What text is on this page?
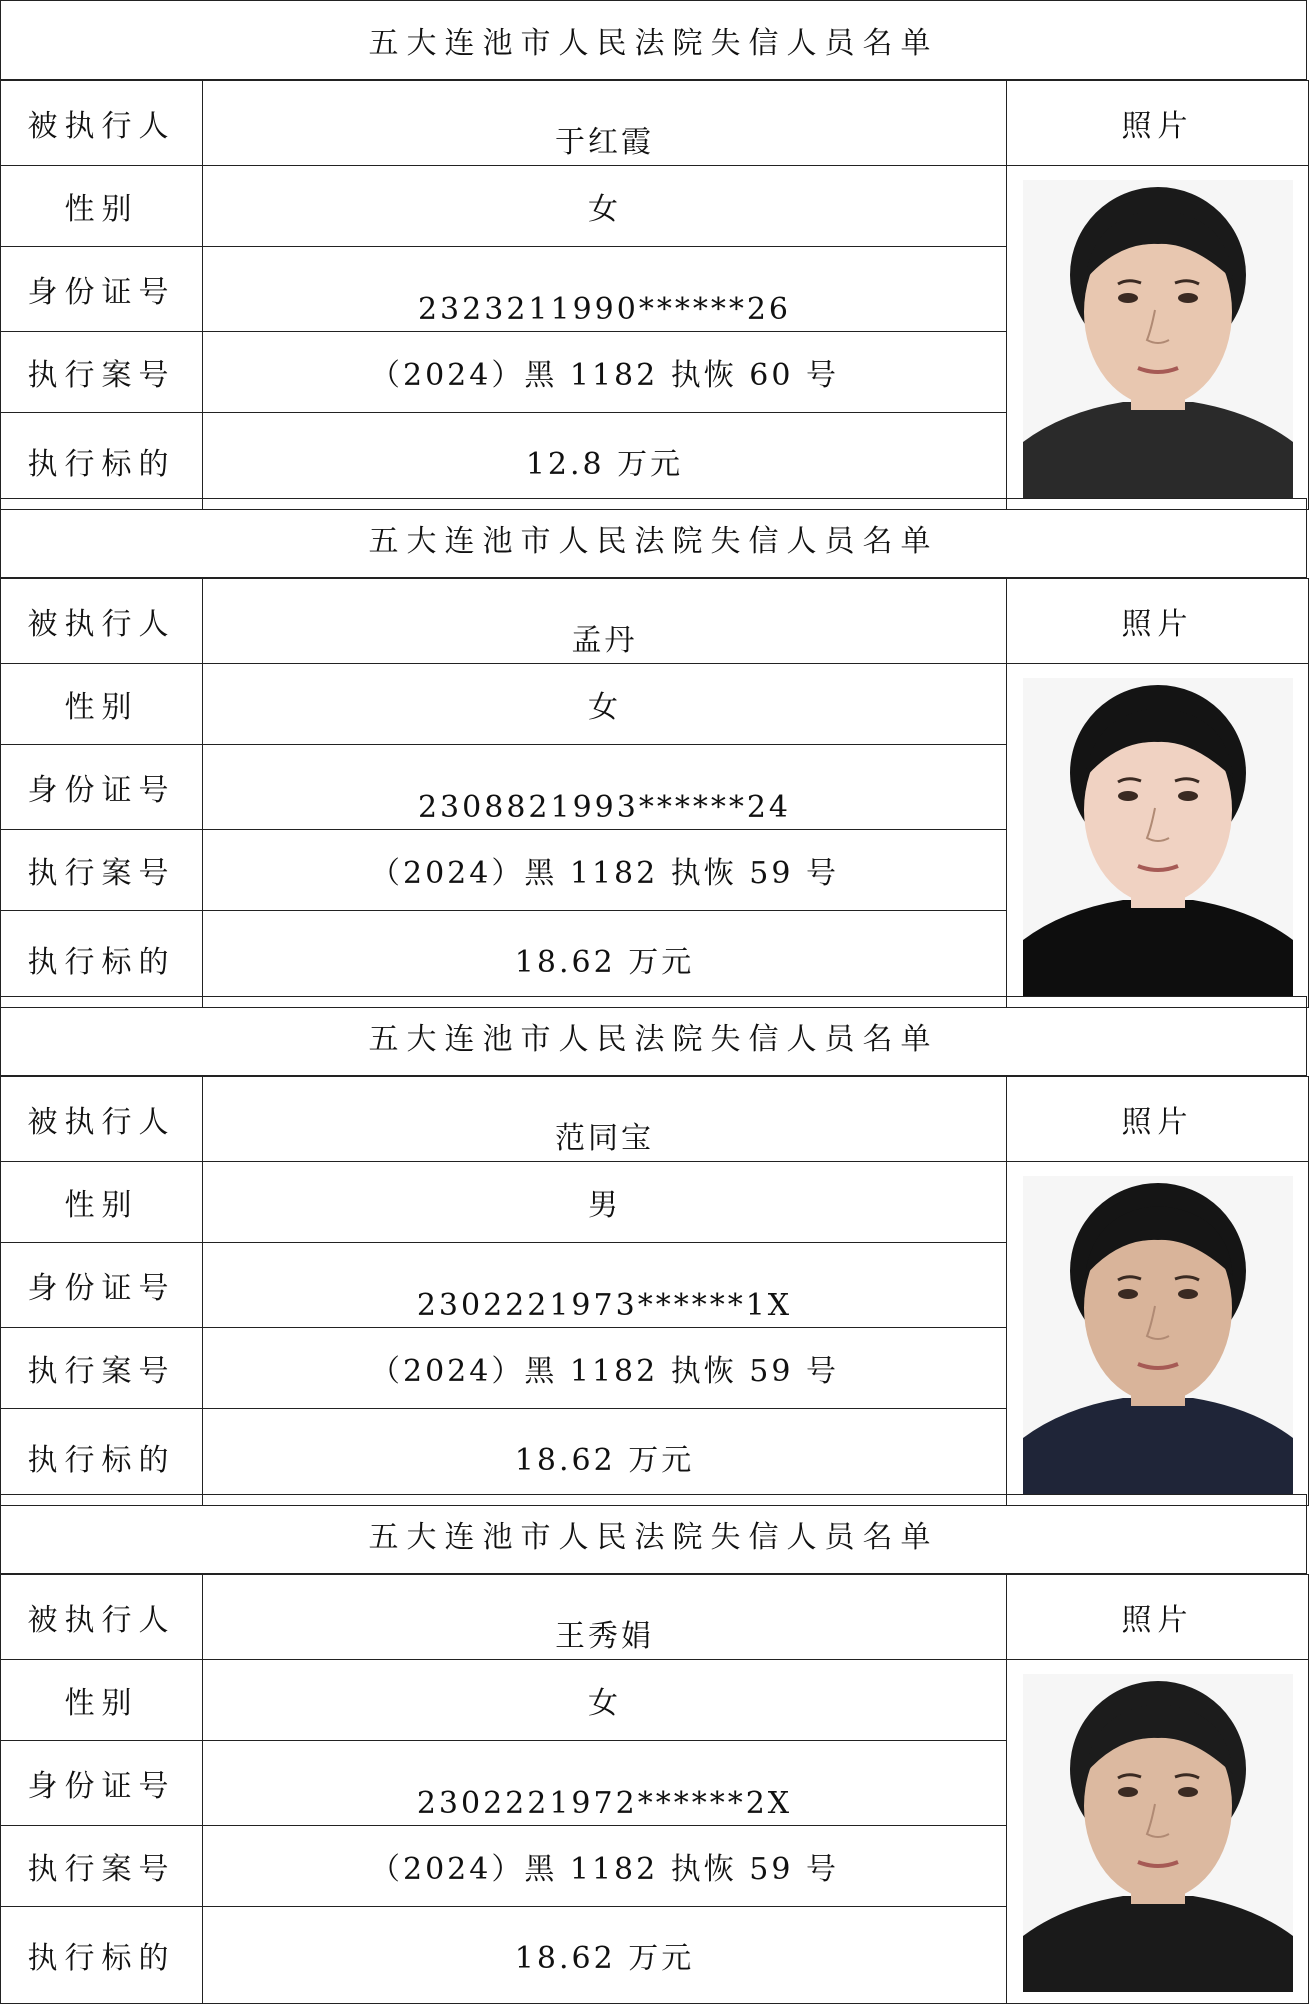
五大连池市人民法院失信人员名单
被执行人	于红霞	照片
性别	女	

身份证号	2323211990******26	
执行案号	（2024）黑 1182 执恢 60 号	
执行标的	12.8 万元	
五大连池市人民法院失信人员名单
被执行人	孟丹	照片
性别	女	

身份证号	2308821993******24	
执行案号	（2024）黑 1182 执恢 59 号	
执行标的	18.62 万元	
五大连池市人民法院失信人员名单
被执行人	范同宝	照片
性别	男	

身份证号	2302221973******1X	
执行案号	（2024）黑 1182 执恢 59 号	
执行标的	18.62 万元	
五大连池市人民法院失信人员名单
被执行人	王秀娟	照片
性别	女	

身份证号	2302221972******2X	
执行案号	（2024）黑 1182 执恢 59 号	
执行标的	18.62 万元	
